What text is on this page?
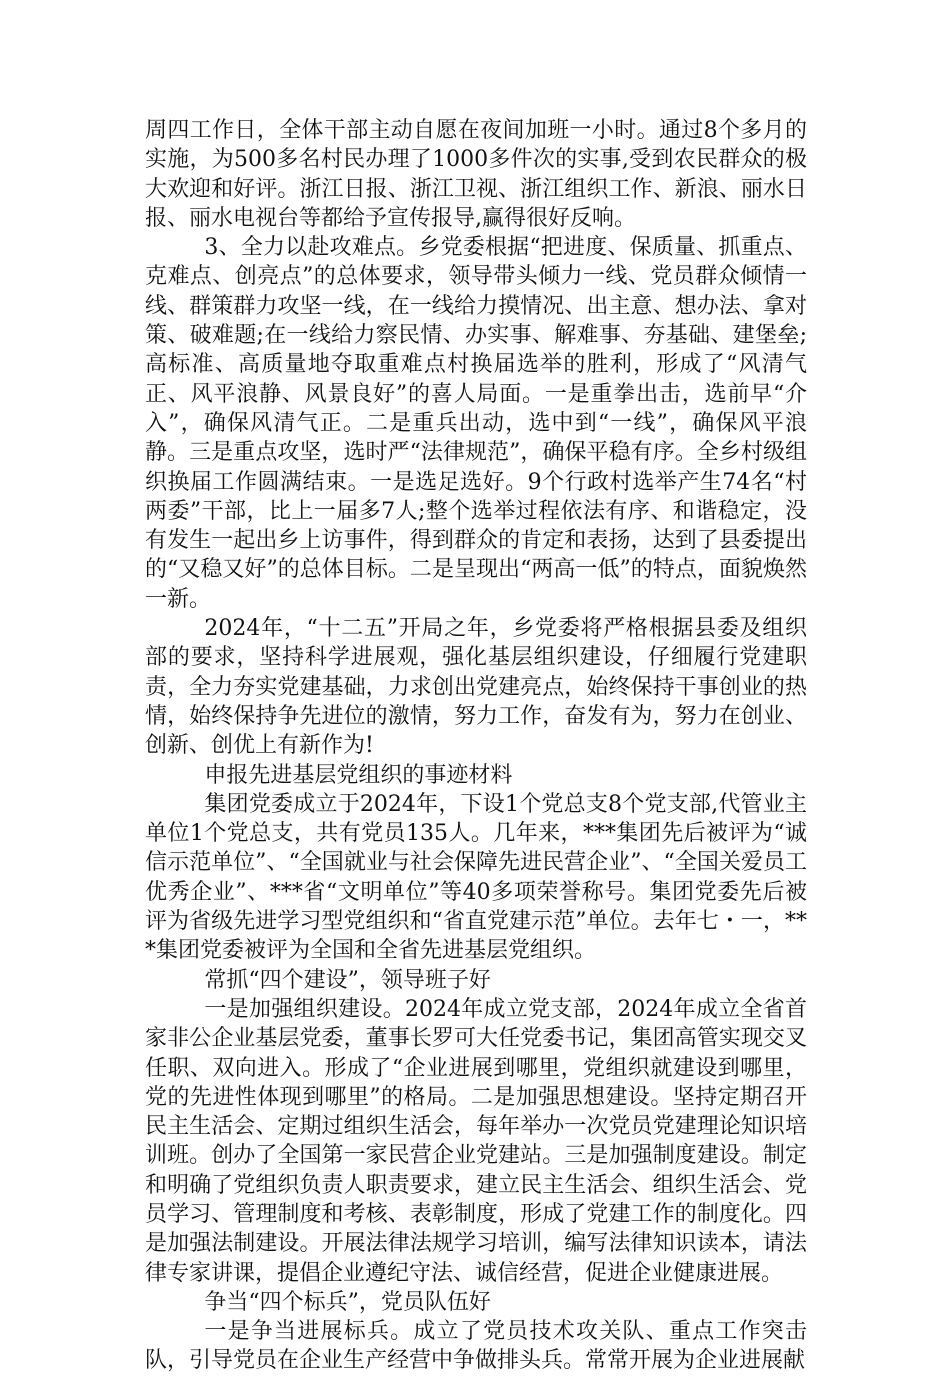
周四工作日，全体干部主动自愿在夜间加班一小时。通过8个多月的实施，为500多名村民办理了1000多件次的实事,受到农民群众的极大欢迎和好评。浙江日报、浙江卫视、浙江组织工作、新浪、丽水日报、丽水电视台等都给予宣传报导,赢得很好反响。

3、全力以赴攻难点。乡党委根据“把进度、保质量、抓重点、克难点、创亮点”的总体要求，领导带头倾力一线、党员群众倾情一线、群策群力攻坚一线，在一线给力摸情况、出主意、想办法、拿对策、破难题;在一线给力察民情、办实事、解难事、夯基础、建堡垒;高标准、高质量地夺取重难点村换届选举的胜利，形成了“风清气正、风平浪静、风景良好”的喜人局面。一是重拳出击，选前早“介入”，确保风清气正。二是重兵出动，选中到“一线”，确保风平浪静。三是重点攻坚，选时严“法律规范”，确保平稳有序。全乡村级组织换届工作圆满结束。一是选足选好。9个行政村选举产生74名“村两委”干部，比上一届多7人;整个选举过程依法有序、和谐稳定，没有发生一起出乡上访事件，得到群众的肯定和表扬，达到了县委提出的“又稳又好”的总体目标。二是呈现出“两高一低”的特点，面貌焕然一新。

2024年，“十二五”开局之年，乡党委将严格根据县委及组织部的要求，坚持科学进展观，强化基层组织建设，仔细履行党建职责，全力夯实党建基础，力求创出党建亮点，始终保持干事创业的热情，始终保持争先进位的激情，努力工作，奋发有为，努力在创业、创新、创优上有新作为!

申报先进基层党组织的事迹材料

集团党委成立于2024年，下设1个党总支8个党支部,代管业主单位1个党总支，共有党员135人。几年来，***集团先后被评为“诚信示范单位”、“全国就业与社会保障先进民营企业”、“全国关爱员工优秀企业”、***省“文明单位”等40多项荣誉称号。集团党委先后被评为省级先进学习型党组织和“省直党建示范”单位。去年七・一，***集团党委被评为全国和全省先进基层党组织。

常抓“四个建设”，领导班子好

一是加强组织建设。2024年成立党支部，2024年成立全省首家非公企业基层党委，董事长罗可大任党委书记，集团高管实现交叉任职、双向进入。形成了“企业进展到哪里，党组织就建设到哪里，党的先进性体现到哪里”的格局。二是加强思想建设。坚持定期召开民主生活会、定期过组织生活会，每年举办一次党员党建理论知识培训班。创办了全国第一家民营企业党建站。三是加强制度建设。制定和明确了党组织负责人职责要求，建立民主生活会、组织生活会、党员学习、管理制度和考核、表彰制度，形成了党建工作的制度化。四是加强法制建设。开展法律法规学习培训，编写法律知识读本，请法律专家讲课，提倡企业遵纪守法、诚信经营，促进企业健康进展。

争当“四个标兵”，党员队伍好

一是争当进展标兵。成立了党员技术攻关队、重点工作突击队，引导党员在企业生产经营中争做排头兵。常常开展为企业进展献
